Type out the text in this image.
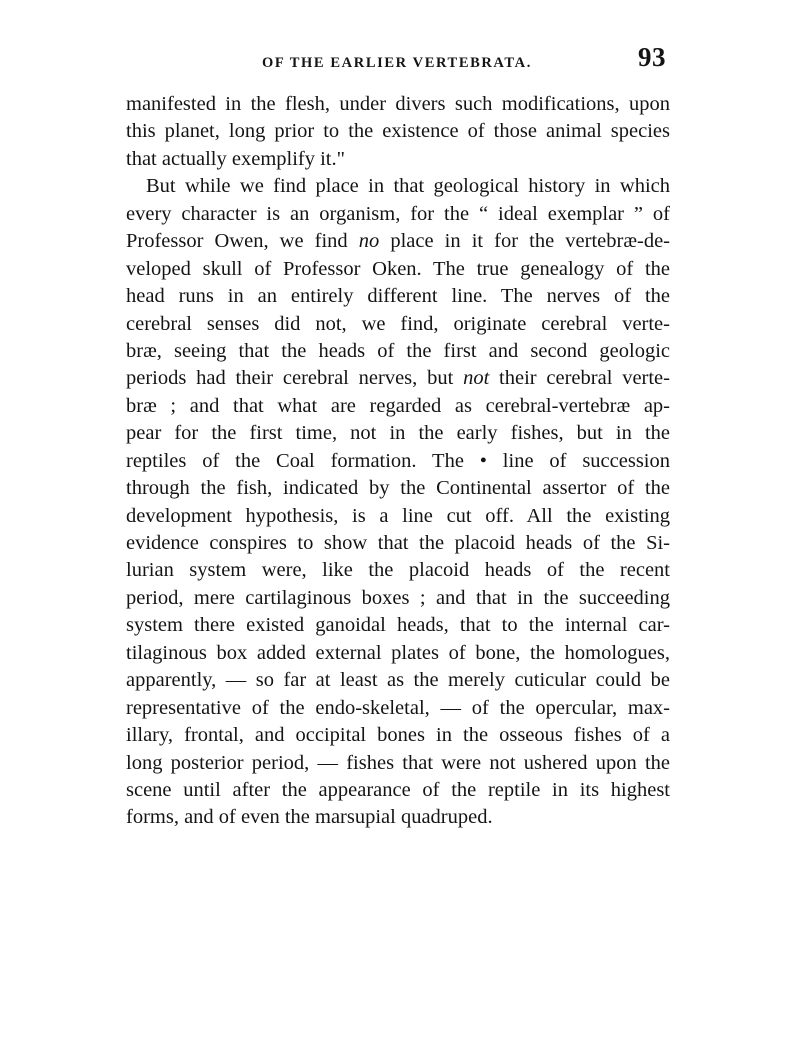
OF THE EARLIER VERTEBRATA.	93
manifested in the flesh, under divers such modifications, upon
this planet, long prior to the existence of those animal species
that actually exemplify it."
But while we find place in that geological history in which
every character is an organism, for the “ ideal exemplar ” of
Professor Owen, we find no place in it for the vertebræ-de-
veloped skull of Professor Oken. The true genealogy of the
head runs in an entirely different line. The nerves of the
cerebral senses did not, we find, originate cerebral verte-
bræ, seeing that the heads of the first and second geologic
periods had their cerebral nerves, but not their cerebral verte-
bræ ; and that what are regarded as cerebral-vertebræ ap-
pear for the first time, not in the early fishes, but in the
reptiles of the Coal formation. The • line of succession
through the fish, indicated by the Continental assertor of the
development hypothesis, is a line cut off. All the existing
evidence conspires to show that the placoid heads of the Si-
lurian system were, like the placoid heads of the recent
period, mere cartilaginous boxes ; and that in the succeeding
system there existed ganoidal heads, that to the internal car-
tilaginous box added external plates of bone, the homologues,
apparently, — so far at least as the merely cuticular could be
representative of the endo-skeletal, — of the opercular, max-
illary, frontal, and occipital bones in the osseous fishes of a
long posterior period, — fishes that were not ushered upon the
scene until after the appearance of the reptile in its highest
forms, and of even the marsupial quadruped.
